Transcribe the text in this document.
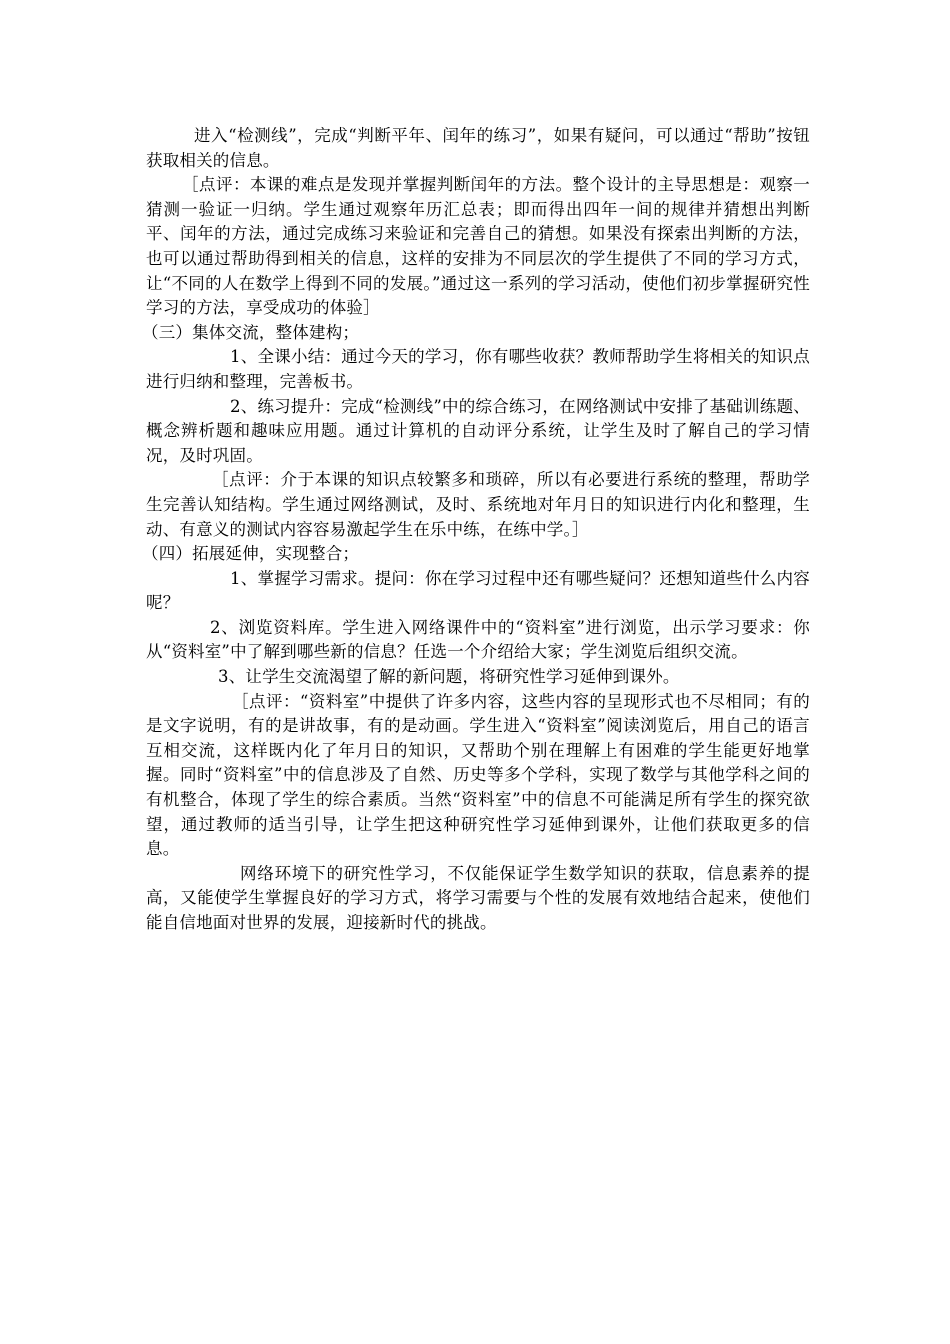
进入“检测线”，完成“判断平年、闰年的练习”，如果有疑问，可以通过“帮助”按钮获取相关的信息。

［点评：本课的难点是发现并掌握判断闰年的方法。整个设计的主导思想是：观察一猜测一验证一归纳。学生通过观察年历汇总表；即而得出四年一间的规律并猜想出判断平、闰年的方法，通过完成练习来验证和完善自己的猜想。如果没有探索出判断的方法，也可以通过帮助得到相关的信息，这样的安排为不同层次的学生提供了不同的学习方式，让“不同的人在数学上得到不同的发展。”通过这一系列的学习活动，使他们初步掌握研究性学习的方法，享受成功的体验］

（三）集体交流，整体建构；

1、全课小结：通过今天的学习，你有哪些收获？教师帮助学生将相关的知识点进行归纳和整理，完善板书。

2、练习提升：完成“检测线”中的综合练习，在网络测试中安排了基础训练题、概念辨析题和趣味应用题。通过计算机的自动评分系统，让学生及时了解自己的学习情况，及时巩固。

［点评：介于本课的知识点较繁多和琐碎，所以有必要进行系统的整理，帮助学生完善认知结构。学生通过网络测试，及时、系统地对年月日的知识进行内化和整理，生动、有意义的测试内容容易激起学生在乐中练，在练中学。］

（四）拓展延伸，实现整合；

1、掌握学习需求。提问：你在学习过程中还有哪些疑问？还想知道些什么内容呢？

2、浏览资料库。学生进入网络课件中的“资料室”进行浏览，出示学习要求：你从“资料室”中了解到哪些新的信息？任选一个介绍给大家；学生浏览后组织交流。

3、让学生交流渴望了解的新问题，将研究性学习延伸到课外。

［点评：“资料室”中提供了许多内容，这些内容的呈现形式也不尽相同；有的是文字说明，有的是讲故事，有的是动画。学生进入“资料室”阅读浏览后，用自己的语言互相交流，这样既内化了年月日的知识，又帮助个别在理解上有困难的学生能更好地掌握。同时“资料室”中的信息涉及了自然、历史等多个学科，实现了数学与其他学科之间的有机整合，体现了学生的综合素质。当然“资料室”中的信息不可能满足所有学生的探究欲望，通过教师的适当引导，让学生把这种研究性学习延伸到课外，让他们获取更多的信息。

网络环境下的研究性学习，不仅能保证学生数学知识的获取，信息素养的提高，又能使学生掌握良好的学习方式，将学习需要与个性的发展有效地结合起来，使他们能自信地面对世界的发展，迎接新时代的挑战。
